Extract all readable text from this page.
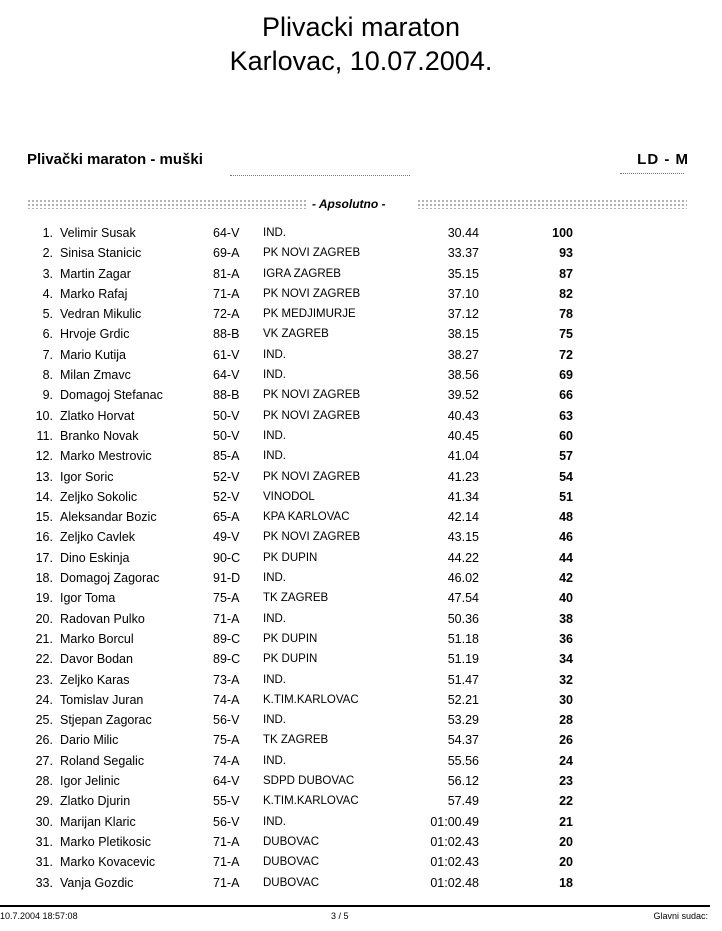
Plivacki maraton
Karlovac, 10.07.2004.
Plivački maraton - muški	LD - M
- Apsolutno -
1. Velimir Susak	64-V IND.	30.44	100
2. Sinisa Stanicic	69-A PK NOVI ZAGREB	33.37	93
3. Martin Zagar	81-A IGRA ZAGREB	35.15	87
4. Marko Rafaj	71-A PK NOVI ZAGREB	37.10	82
5. Vedran Mikulic	72-A PK MEDJIMURJE	37.12	78
6. Hrvoje Grdic	88-B VK ZAGREB	38.15	75
7. Mario Kutija	61-V IND.	38.27	72
8. Milan Zmavc	64-V IND.	38.56	69
9. Domagoj Stefanac	88-B PK NOVI ZAGREB	39.52	66
10. Zlatko Horvat	50-V PK NOVI ZAGREB	40.43	63
11. Branko Novak	50-V IND.	40.45	60
12. Marko Mestrovic	85-A IND.	41.04	57
13. Igor Soric	52-V PK NOVI ZAGREB	41.23	54
14. Zeljko Sokolic	52-V VINODOL	41.34	51
15. Aleksandar Bozic	65-A KPA KARLOVAC	42.14	48
16. Zeljko Cavlek	49-V PK NOVI ZAGREB	43.15	46
17. Dino Eskinja	90-C PK DUPIN	44.22	44
18. Domagoj Zagorac	91-D IND.	46.02	42
19. Igor Toma	75-A TK ZAGREB	47.54	40
20. Radovan Pulko	71-A IND.	50.36	38
21. Marko Borcul	89-C PK DUPIN	51.18	36
22. Davor Bodan	89-C PK DUPIN	51.19	34
23. Zeljko Karas	73-A IND.	51.47	32
24. Tomislav Juran	74-A K.TIM.KARLOVAC	52.21	30
25. Stjepan Zagorac	56-V IND.	53.29	28
26. Dario Milic	75-A TK ZAGREB	54.37	26
27. Roland Segalic	74-A IND.	55.56	24
28. Igor Jelinic	64-V SDPD DUBOVAC	56.12	23
29. Zlatko Djurin	55-V K.TIM.KARLOVAC	57.49	22
30. Marijan Klaric	56-V IND.	01:00.49	21
31. Marko Pletikosic	71-A DUBOVAC	01:02.43	20
31. Marko Kovacevic	71-A DUBOVAC	01:02.43	20
33. Vanja Gozdic	71-A DUBOVAC	01:02.48	18
10.7.2004 18:57:08	3 / 5	Glavni sudac:
